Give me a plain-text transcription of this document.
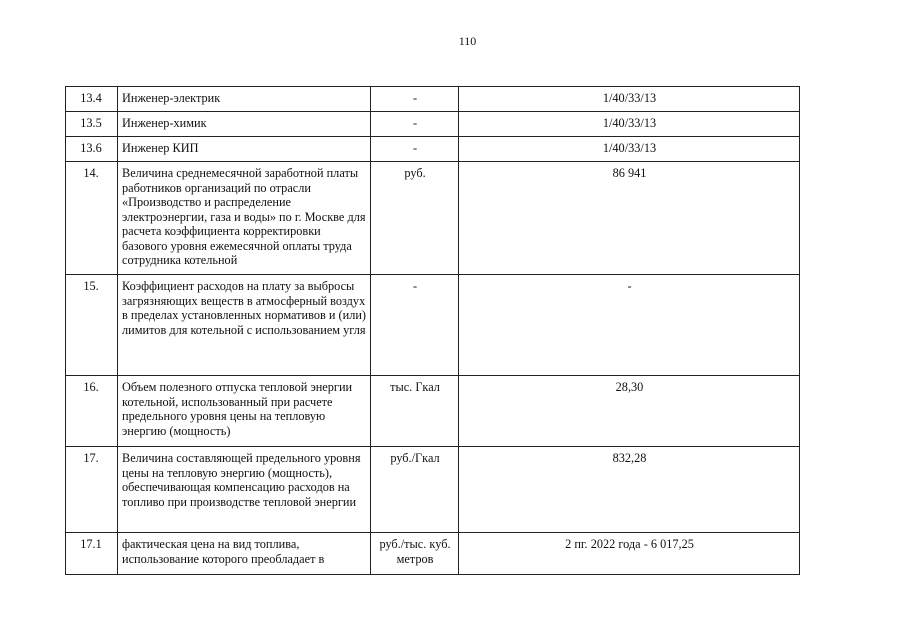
110
13.4	Инженер-электрик	-	1/40/33/13
13.5	Инженер-химик	-	1/40/33/13
13.6	Инженер КИП	-	1/40/33/13
14.	Величина среднемесячной заработной платы работников организаций по отрасли «Производство и распределение электроэнергии, газа и воды» по г. Москве для расчета коэффициента корректировки базового уровня ежемесячной оплаты труда сотрудника котельной	руб.	86 941
15.	Коэффициент расходов на плату за выбросы загрязняющих веществ в атмосферный воздух в пределах установленных нормативов и (или) лимитов для котельной с использованием угля	-	-
16.	Объем полезного отпуска тепловой энергии котельной, использованный при расчете предельного уровня цены на тепловую энергию (мощность)	тыс. Гкал	28,30
17.	Величина составляющей предельного уровня цены на тепловую энергию (мощность), обеспечивающая компенсацию расходов на топливо при производстве тепловой энергии	руб./Гкал	832,28
17.1	фактическая цена на вид топлива, использование которого преобладает в	руб./тыс. куб. метров	2 пг. 2022 года - 6 017,25
